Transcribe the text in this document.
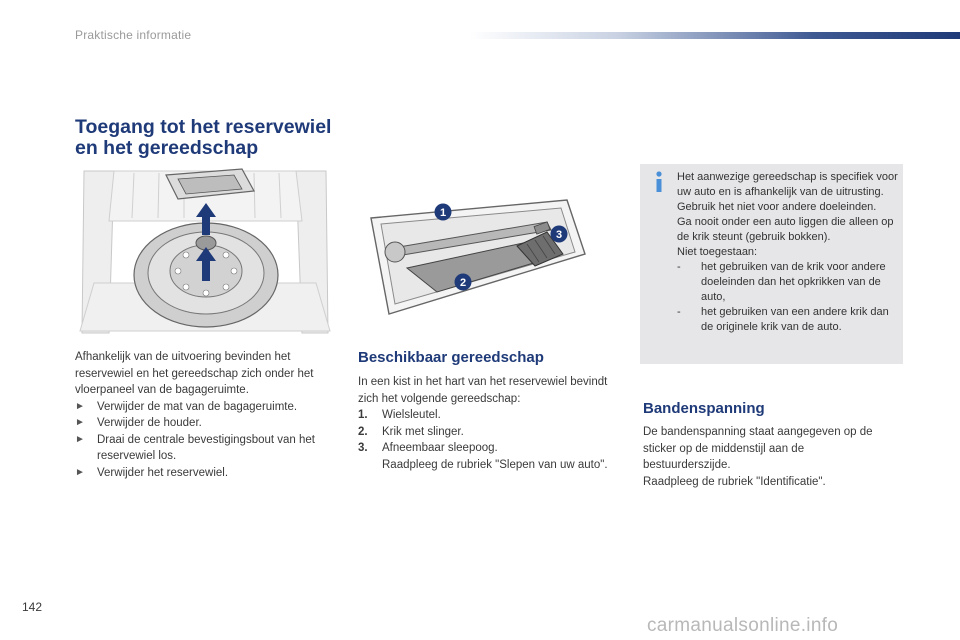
Praktische informatie
Toegang tot het reservewiel
en het gereedschap
1
2
3
Afhankelijk van de uitvoering bevinden het reservewiel en het gereedschap zich onder het vloerpaneel van de bagageruimte.
►	Verwijder de mat van de bagageruimte.
►	Verwijder de houder.
►	Draai de centrale bevestigingsbout van het reservewiel los.
►	Verwijder het reservewiel.
Beschikbaar gereedschap
In een kist in het hart van het reservewiel bevindt zich het volgende gereedschap:
1.	Wielsleutel.
2.	Krik met slinger.
3.	Afneembaar sleepoog.
Raadpleeg de rubriek "Slepen van uw auto".
Het aanwezige gereedschap is specifiek voor uw auto en is afhankelijk van de uitrusting. Gebruik het niet voor andere doeleinden.
Ga nooit onder een auto liggen die alleen op de krik steunt (gebruik bokken).
Niet toegestaan:
-	het gebruiken van de krik voor andere doeleinden dan het opkrikken van de auto,
-	het gebruiken van een andere krik dan de originele krik van de auto.
Bandenspanning
De bandenspanning staat aangegeven op de sticker op de middenstijl aan de bestuurderszijde.
Raadpleeg de rubriek "Identificatie".
142
carmanualsonline.info
